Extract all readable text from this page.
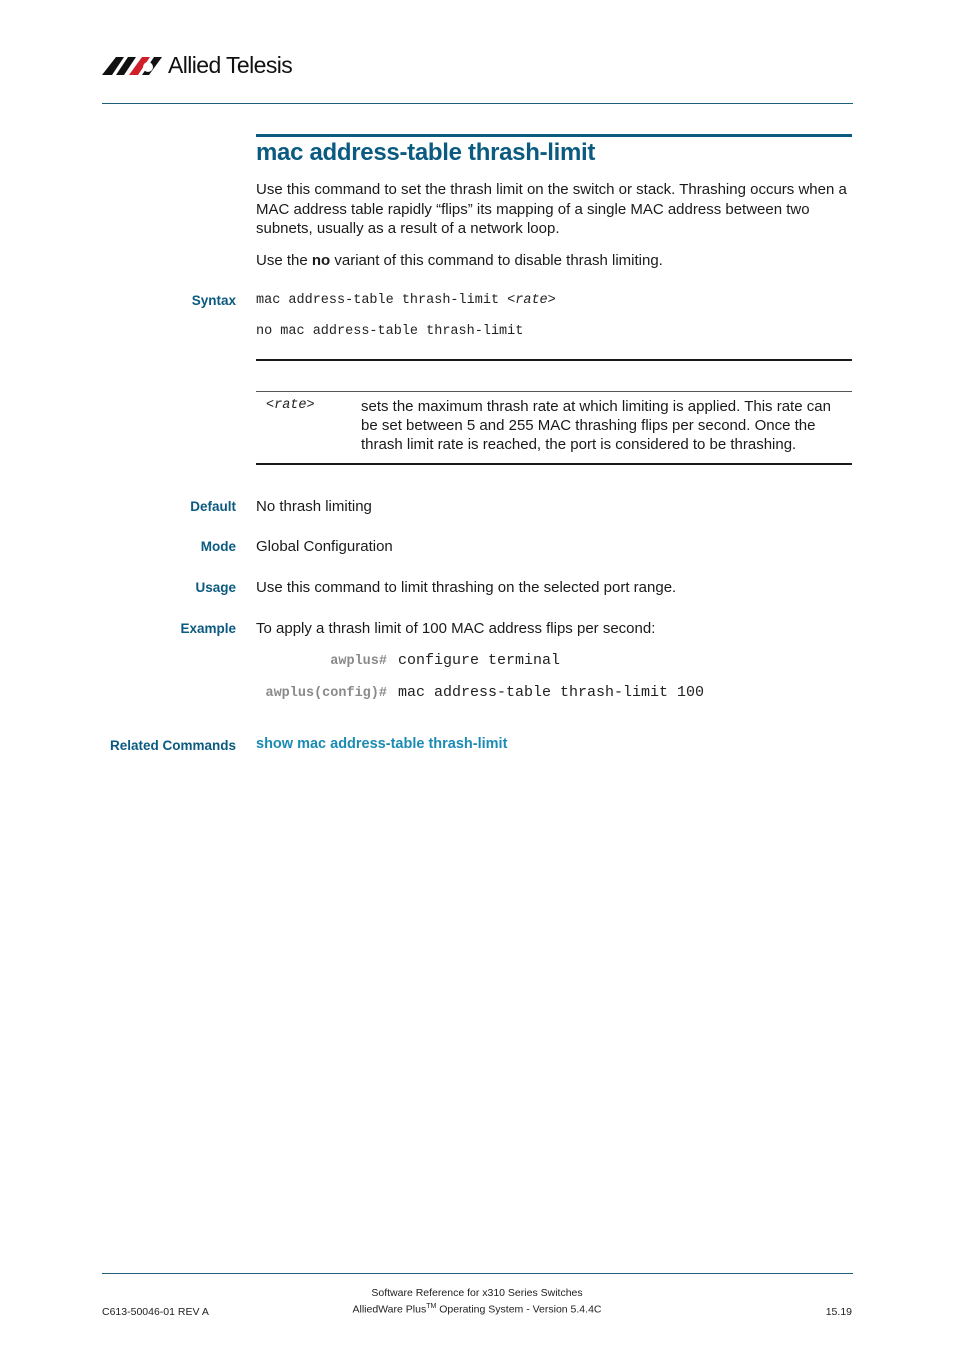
Allied Telesis
mac address-table thrash-limit
Use this command to set the thrash limit on the switch or stack. Thrashing occurs when a MAC address table rapidly “flips” its mapping of a single MAC address between two subnets, usually as a result of a network loop.
Use the no variant of this command to disable thrash limiting.
Syntax mac address-table thrash-limit <rate>
no mac address-table thrash-limit
<rate>	sets the maximum thrash rate at which limiting is applied. This rate can be set between 5 and 255 MAC thrashing flips per second. Once the thrash limit rate is reached, the port is considered to be thrashing.
Default No thrash limiting
Mode Global Configuration
Usage Use this command to limit thrashing on the selected port range.
Example To apply a thrash limit of 100 MAC address flips per second:
awplus# configure terminal
awplus(config)# mac address-table thrash-limit 100
Related Commands show mac address-table thrash-limit
C613-50046-01 REV A
Software Reference for x310 Series Switches
AlliedWare Plus™ Operating System - Version 5.4.4C	15.19
